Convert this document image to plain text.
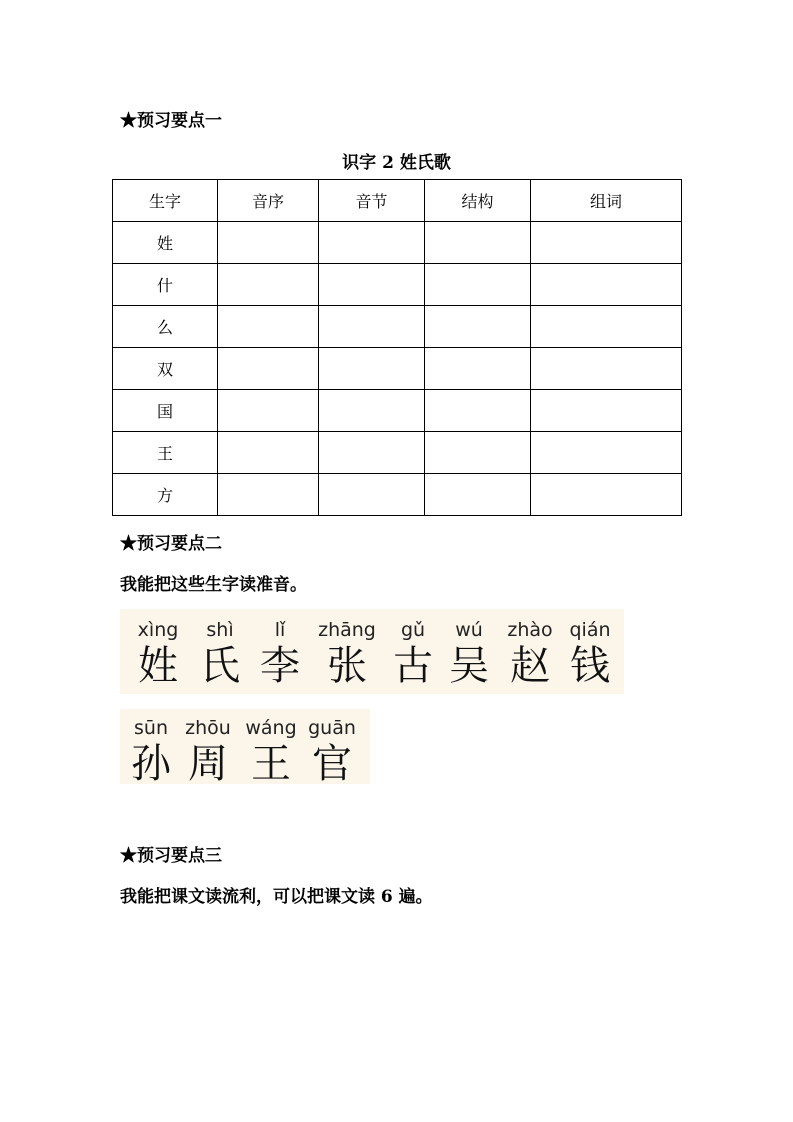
★预习要点一
识字 2 姓氏歌
生字	音序	音节	结构	组词
姓				
什				
么				
双				
国				
王				
方				
★预习要点二
我能把这些生字读准音。
xìng
姓
shì
氏
lǐ
李
zhāng
张
gǔ
古
wú
吴
zhào
赵
qián
钱
sūn
孙
zhōu
周
wáng
王
guān
官
★预习要点三
我能把课文读流利，可以把课文读 6 遍。
